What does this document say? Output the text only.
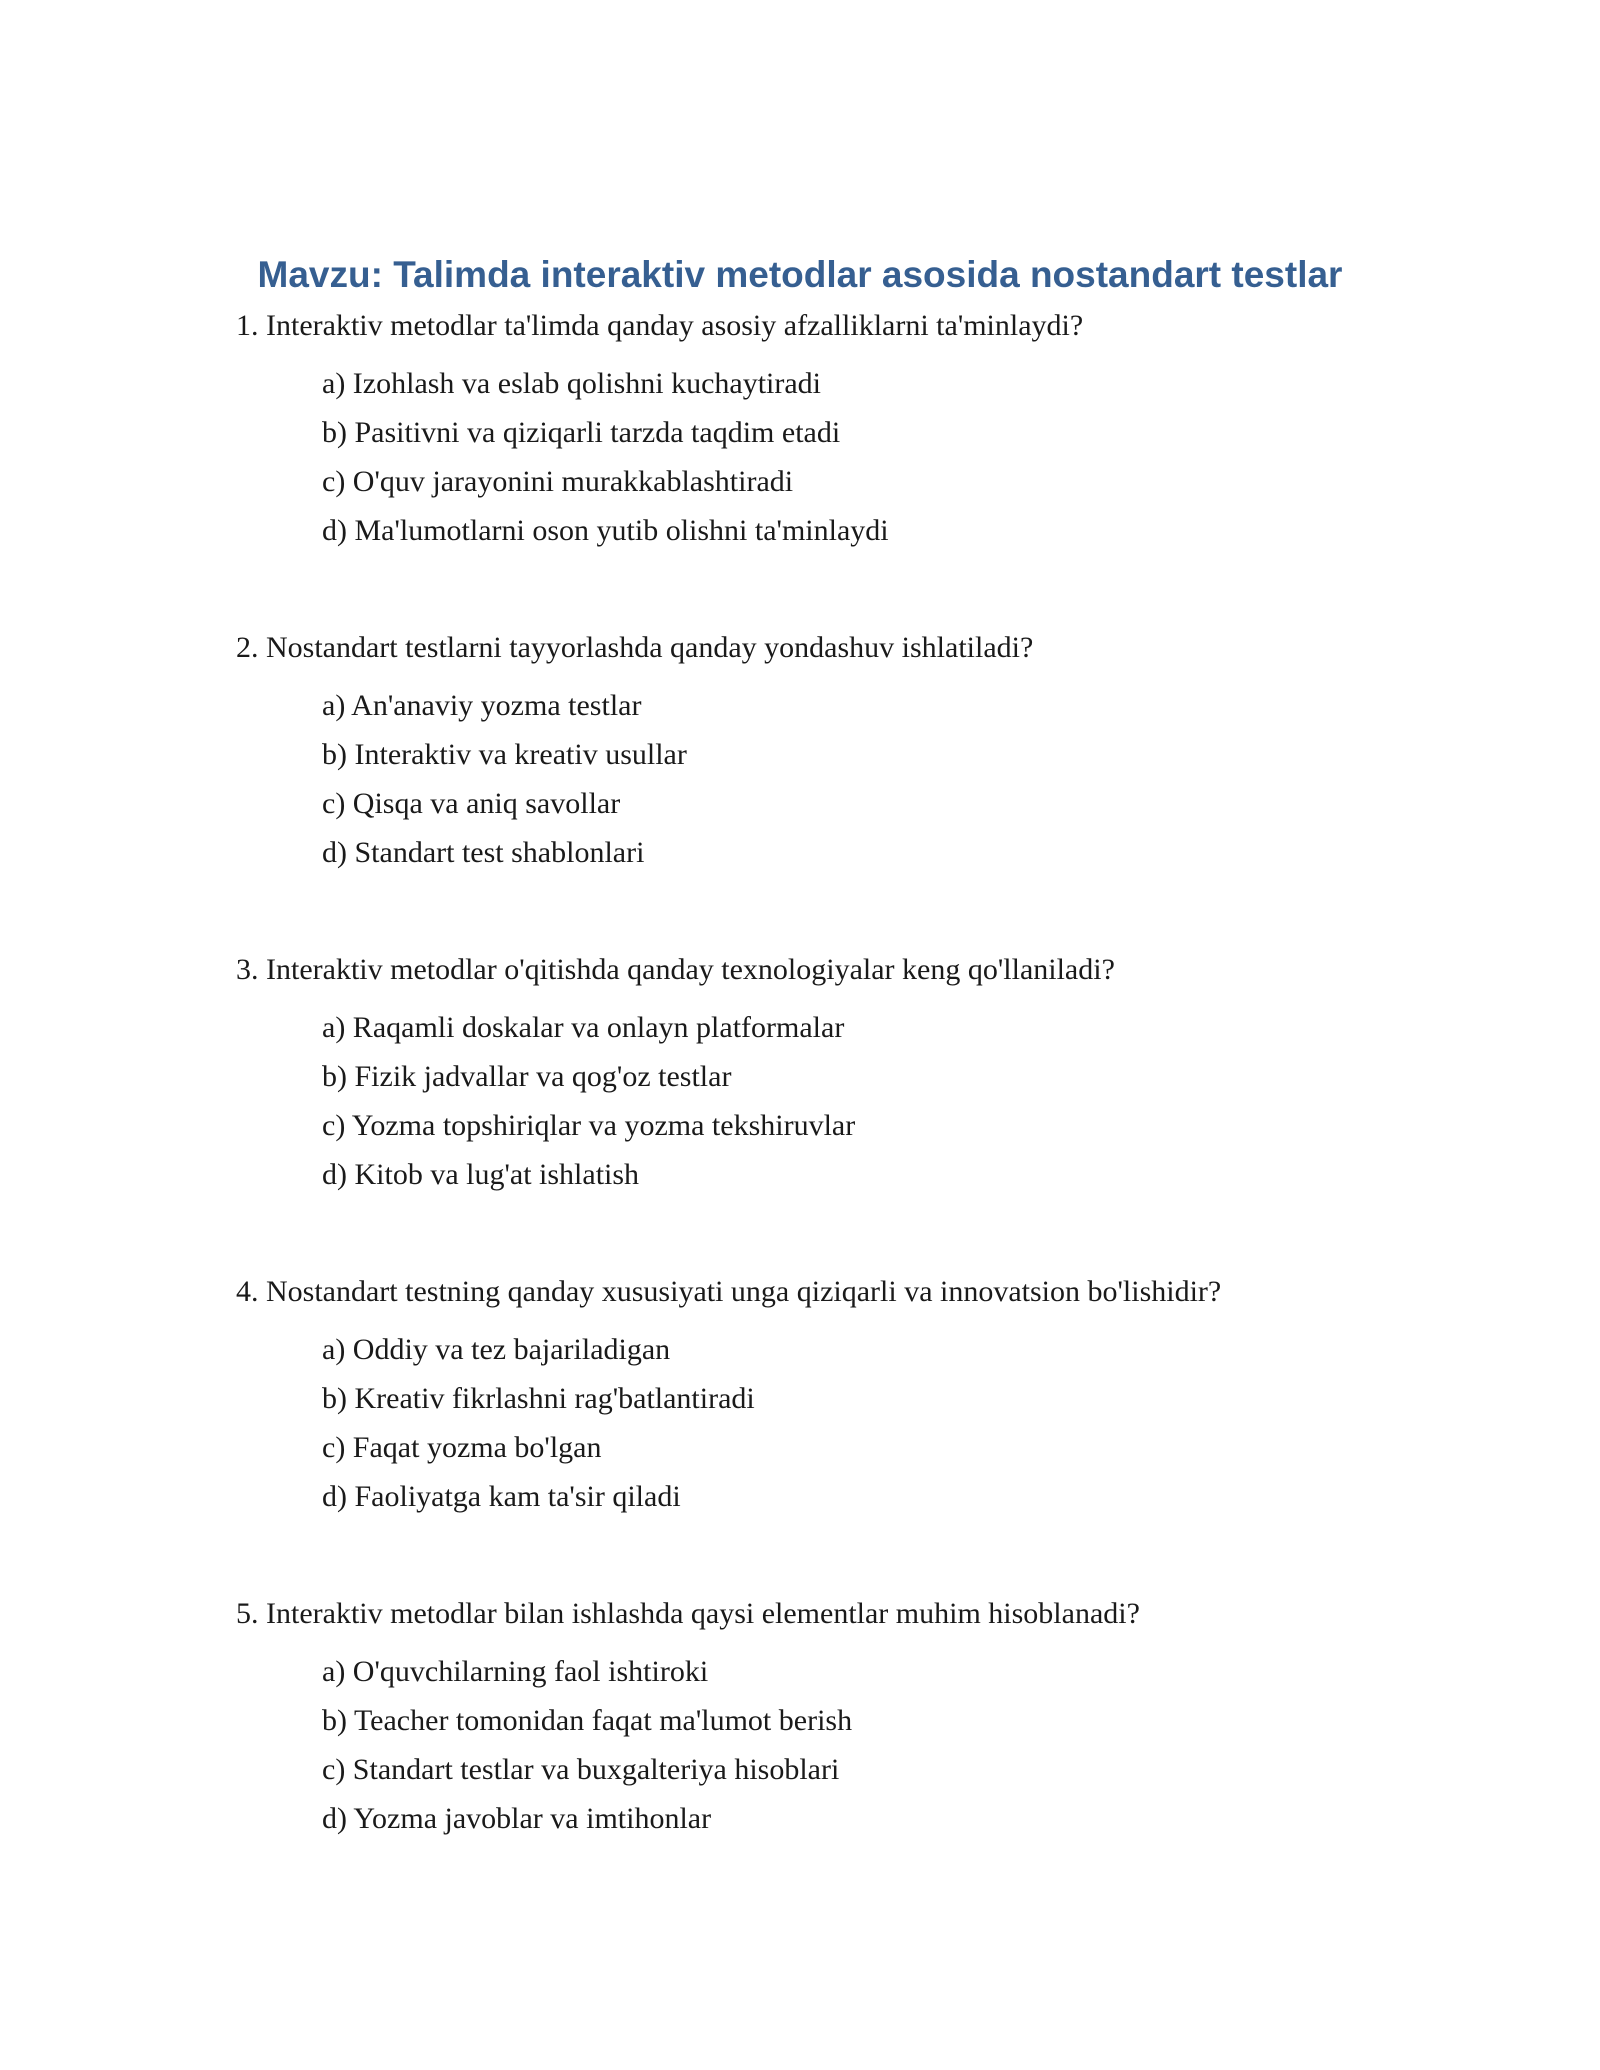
Mavzu: Talimda interaktiv metodlar asosida nostandart testlar
1. Interaktiv metodlar ta'limda qanday asosiy afzalliklarni ta'minlaydi?
a) Izohlash va eslab qolishni kuchaytiradi
b) Pasitivni va qiziqarli tarzda taqdim etadi
c) O'quv jarayonini murakkablashtiradi
d) Ma'lumotlarni oson yutib olishni ta'minlaydi
2. Nostandart testlarni tayyorlashda qanday yondashuv ishlatiladi?
a) An'anaviy yozma testlar
b) Interaktiv va kreativ usullar
c) Qisqa va aniq savollar
d) Standart test shablonlari
3. Interaktiv metodlar o'qitishda qanday texnologiyalar keng qo'llaniladi?
a) Raqamli doskalar va onlayn platformalar
b) Fizik jadvallar va qog'oz testlar
c) Yozma topshiriqlar va yozma tekshiruvlar
d) Kitob va lug'at ishlatish
4. Nostandart testning qanday xususiyati unga qiziqarli va innovatsion bo'lishidir?
a) Oddiy va tez bajariladigan
b) Kreativ fikrlashni rag'batlantiradi
c) Faqat yozma bo'lgan
d) Faoliyatga kam ta'sir qiladi
5. Interaktiv metodlar bilan ishlashda qaysi elementlar muhim hisoblanadi?
a) O'quvchilarning faol ishtiroki
b) Teacher tomonidan faqat ma'lumot berish
c) Standart testlar va buxgalteriya hisoblari
d) Yozma javoblar va imtihonlar
